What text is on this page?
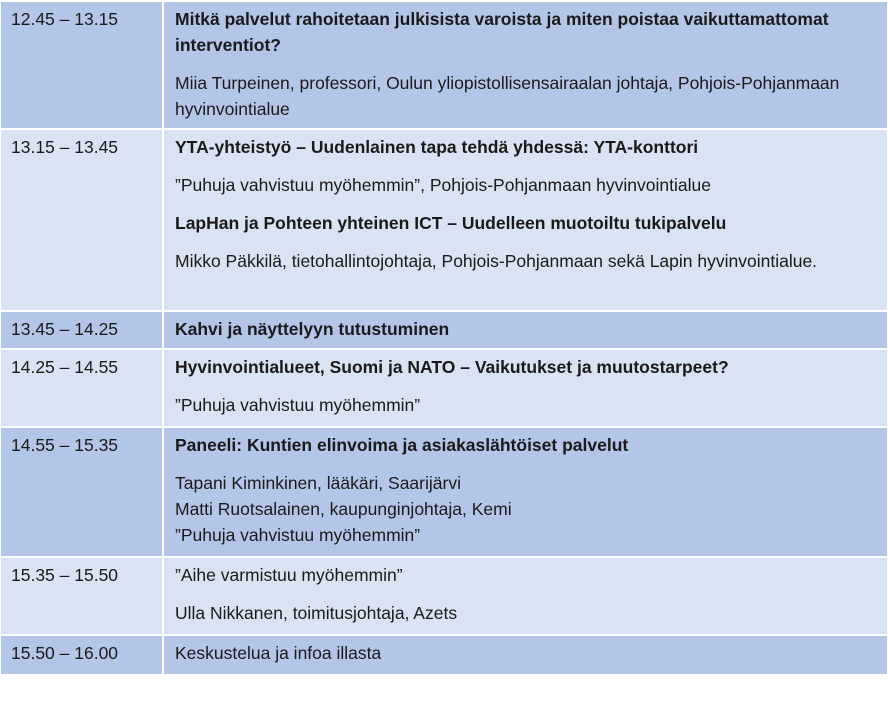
12.45 – 13.15	Mitkä palvelut rahoitetaan julkisista varoista ja miten poistaa vaikuttamattomat interventiot?

Miia Turpeinen, professori, Oulun yliopistollisensairaalan johtaja, Pohjois-Pohjanmaan hyvinvointialue

13.15 – 13.45	YTA-yhteistyö – Uudenlainen tapa tehdä yhdessä: YTA-konttori

”Puhuja vahvistuu myöhemmin”, Pohjois-Pohjanmaan hyvinvointialue

LapHan ja Pohteen yhteinen ICT – Uudelleen muotoiltu tukipalvelu

Mikko Päkkilä, tietohallintojohtaja, Pohjois-Pohjanmaan sekä Lapin hyvinvointialue.

13.45 – 14.25	Kahvi ja näyttelyyn tutustuminen

14.25 – 14.55	Hyvinvointialueet, Suomi ja NATO – Vaikutukset ja muutostarpeet?

”Puhuja vahvistuu myöhemmin”

14.55 – 15.35	Paneeli: Kuntien elinvoima ja asiakaslähtöiset palvelut

Tapani Kiminkinen, lääkäri, Saarijärvi

Matti Ruotsalainen, kaupunginjohtaja, Kemi

”Puhuja vahvistuu myöhemmin”

15.35 – 15.50	”Aihe varmistuu myöhemmin”

Ulla Nikkanen, toimitusjohtaja, Azets

15.50 – 16.00	Keskustelua ja infoa illasta
